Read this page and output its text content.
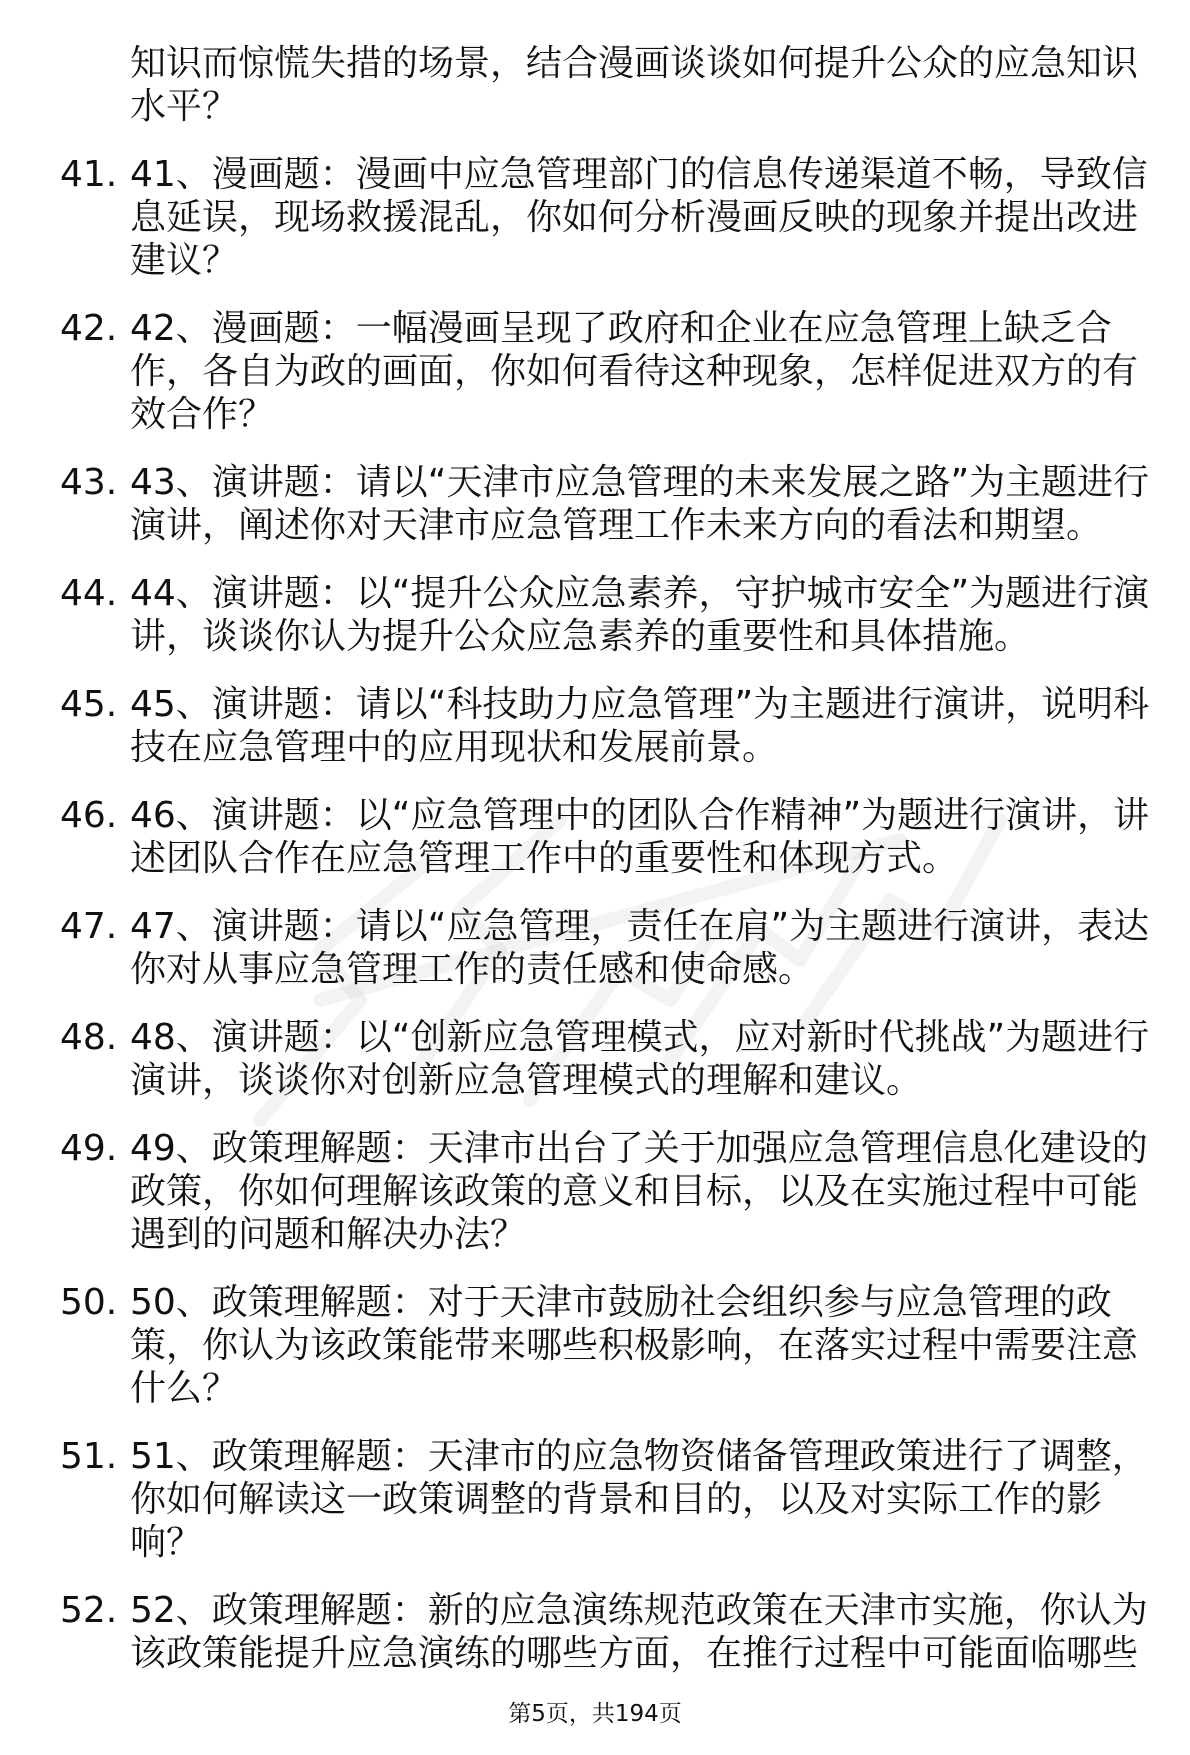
知识而惊慌失措的场景，结合漫画谈谈如何提升公众的应急知识
水平？
41. 41、漫画题：漫画中应急管理部门的信息传递渠道不畅，导致信
息延误，现场救援混乱，你如何分析漫画反映的现象并提出改进
建议？

42. 42、漫画题：一幅漫画呈现了政府和企业在应急管理上缺乏合
作，各自为政的画面，你如何看待这种现象，怎样促进双方的有
效合作？

43. 43、演讲题：请以“天津市应急管理的未来发展之路”为主题进行
演讲，阐述你对天津市应急管理工作未来方向的看法和期望。

44. 44、演讲题：以“提升公众应急素养，守护城市安全”为题进行演
讲，谈谈你认为提升公众应急素养的重要性和具体措施。

45. 45、演讲题：请以“科技助力应急管理”为主题进行演讲，说明科
技在应急管理中的应用现状和发展前景。

46. 46、演讲题：以“应急管理中的团队合作精神”为题进行演讲，讲
述团队合作在应急管理工作中的重要性和体现方式。

47. 47、演讲题：请以“应急管理，责任在肩”为主题进行演讲，表达
你对从事应急管理工作的责任感和使命感。

48. 48、演讲题：以“创新应急管理模式，应对新时代挑战”为题进行
演讲，谈谈你对创新应急管理模式的理解和建议。

49. 49、政策理解题：天津市出台了关于加强应急管理信息化建设的
政策，你如何理解该政策的意义和目标，以及在实施过程中可能
遇到的问题和解决办法？

50. 50、政策理解题：对于天津市鼓励社会组织参与应急管理的政
策，你认为该政策能带来哪些积极影响，在落实过程中需要注意
什么？

51. 51、政策理解题：天津市的应急物资储备管理政策进行了调整，
你如何解读这一政策调整的背景和目的，以及对实际工作的影
响？

52. 52、政策理解题：新的应急演练规范政策在天津市实施，你认为
该政策能提升应急演练的哪些方面，在推行过程中可能面临哪些

第5页，共194页
